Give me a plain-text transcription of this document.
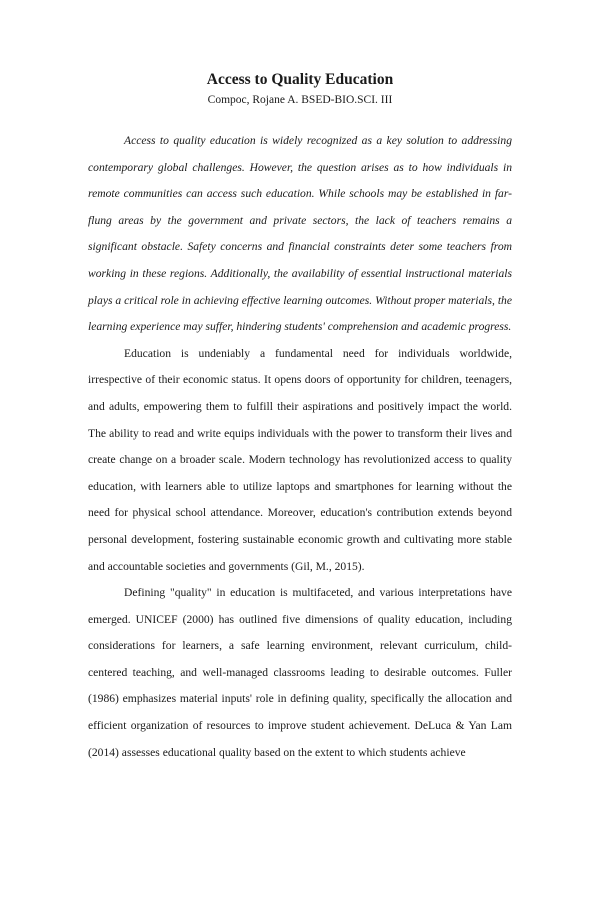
Access to Quality Education

Compoc, Rojane A. BSED-BIO.SCI. III

Access to quality education is widely recognized as a key solution to addressing contemporary global challenges. However, the question arises as to how individuals in remote communities can access such education. While schools may be established in far-flung areas by the government and private sectors, the lack of teachers remains a significant obstacle. Safety concerns and financial constraints deter some teachers from working in these regions. Additionally, the availability of essential instructional materials plays a critical role in achieving effective learning outcomes. Without proper materials, the learning experience may suffer, hindering students' comprehension and academic progress.

Education is undeniably a fundamental need for individuals worldwide, irrespective of their economic status. It opens doors of opportunity for children, teenagers, and adults, empowering them to fulfill their aspirations and positively impact the world. The ability to read and write equips individuals with the power to transform their lives and create change on a broader scale. Modern technology has revolutionized access to quality education, with learners able to utilize laptops and smartphones for learning without the need for physical school attendance. Moreover, education's contribution extends beyond personal development, fostering sustainable economic growth and cultivating more stable and accountable societies and governments (Gil, M., 2015).

Defining "quality" in education is multifaceted, and various interpretations have emerged. UNICEF (2000) has outlined five dimensions of quality education, including considerations for learners, a safe learning environment, relevant curriculum, child-centered teaching, and well-managed classrooms leading to desirable outcomes. Fuller (1986) emphasizes material inputs' role in defining quality, specifically the allocation and efficient organization of resources to improve student achievement. DeLuca & Yan Lam (2014) assesses educational quality based on the extent to which students achieve
